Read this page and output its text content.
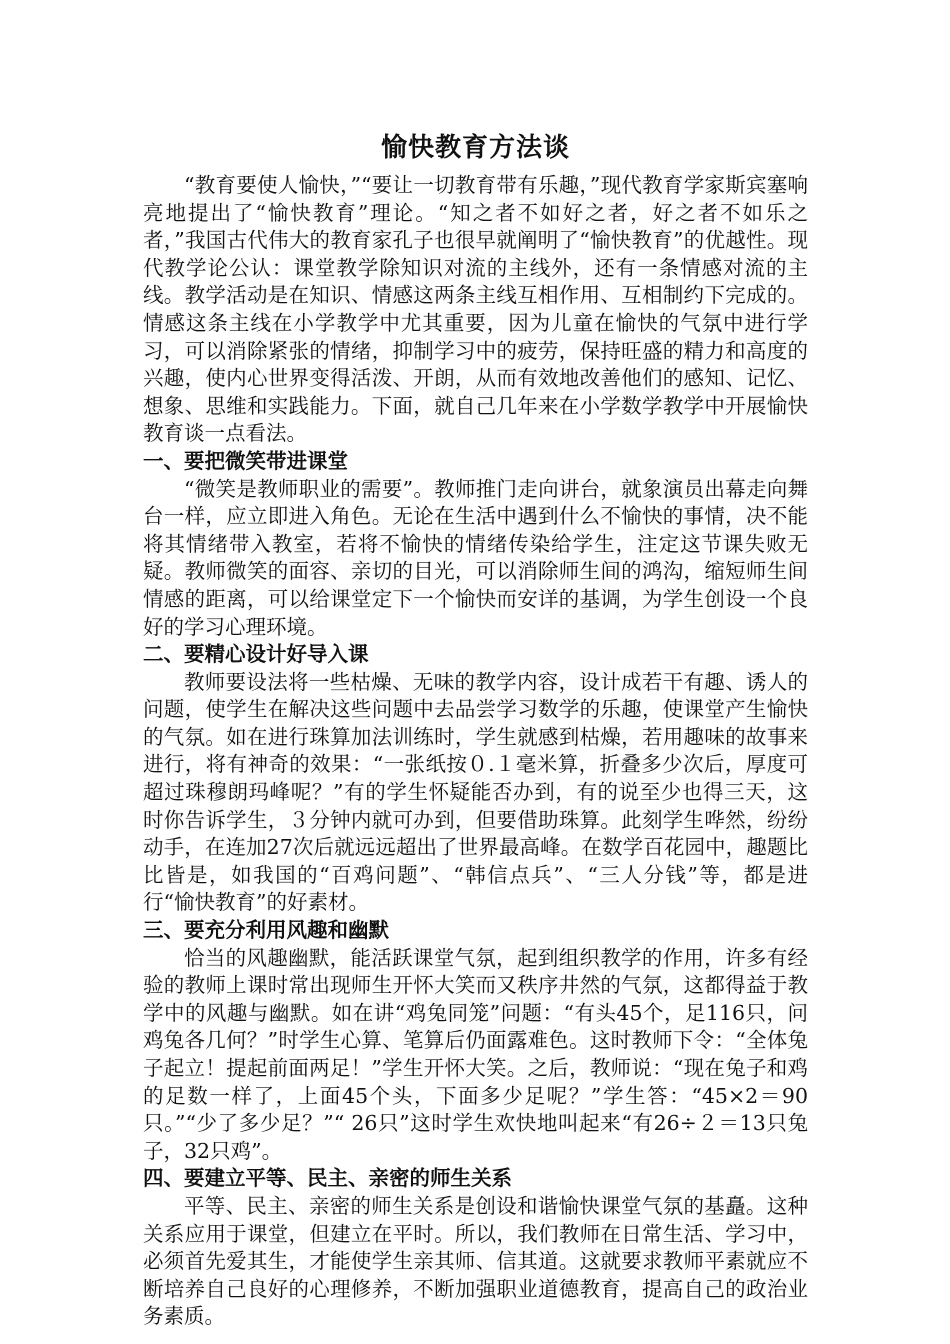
愉快教育方法谈

“教育要使人愉快，”“要让一切教育带有乐趣，”现代教育学家斯宾塞响亮地提出了“愉快教育”理论。“知之者不如好之者，好之者不如乐之者，”我国古代伟大的教育家孔子也很早就阐明了“愉快教育”的优越性。现代教学论公认：课堂教学除知识对流的主线外，还有一条情感对流的主线。教学活动是在知识、情感这两条主线互相作用、互相制约下完成的。情感这条主线在小学教学中尤其重要，因为儿童在愉快的气氛中进行学习，可以消除紧张的情绪，抑制学习中的疲劳，保持旺盛的精力和高度的兴趣，使内心世界变得活泼、开朗，从而有效地改善他们的感知、记忆、想象、思维和实践能力。下面，就自己几年来在小学数学教学中开展愉快教育谈一点看法。

一、要把微笑带进课堂

“微笑是教师职业的需要”。教师推门走向讲台，就象演员出幕走向舞台一样，应立即进入角色。无论在生活中遇到什么不愉快的事情，决不能将其情绪带入教室，若将不愉快的情绪传染给学生，注定这节课失败无疑。教师微笑的面容、亲切的目光，可以消除师生间的鸿沟，缩短师生间情感的距离，可以给课堂定下一个愉快而安详的基调，为学生创设一个良好的学习心理环境。

二、要精心设计好导入课

教师要设法将一些枯燥、无味的教学内容，设计成若干有趣、诱人的问题，使学生在解决这些问题中去品尝学习数学的乐趣，使课堂产生愉快的气氛。如在进行珠算加法训练时，学生就感到枯燥，若用趣味的故事来进行，将有神奇的效果：“一张纸按０.１毫米算，折叠多少次后，厚度可超过珠穆朗玛峰呢？”有的学生怀疑能否办到，有的说至少也得三天，这时你告诉学生，３分钟内就可办到，但要借助珠算。此刻学生哗然，纷纷动手，在连加27次后就远远超出了世界最高峰。在数学百花园中，趣题比比皆是，如我国的“百鸡问题”、“韩信点兵”、“三人分钱”等，都是进行“愉快教育”的好素材。

三、要充分利用风趣和幽默

恰当的风趣幽默，能活跃课堂气氛，起到组织教学的作用，许多有经验的教师上课时常出现师生开怀大笑而又秩序井然的气氛，这都得益于教学中的风趣与幽默。如在讲“鸡兔同笼”问题：“有头45个，足116只，问鸡兔各几何？”时学生心算、笔算后仍面露难色。这时教师下令：“全体兔子起立！提起前面两足！”学生开怀大笑。之后，教师说：“现在兔子和鸡的足数一样了，上面45个头，下面多少足呢？”学生答：“45×2＝90只。”“少了多少足？”“ 26只”这时学生欢快地叫起来“有26÷２＝13只兔子，32只鸡”。

四、要建立平等、民主、亲密的师生关系

平等、民主、亲密的师生关系是创设和谐愉快课堂气氛的基矗。这种关系应用于课堂，但建立在平时。所以，我们教师在日常生活、学习中，必须首先爱其生，才能使学生亲其师、信其道。这就要求教师平素就应不断培养自己良好的心理修养，不断加强职业道德教育，提高自己的政治业务素质。
